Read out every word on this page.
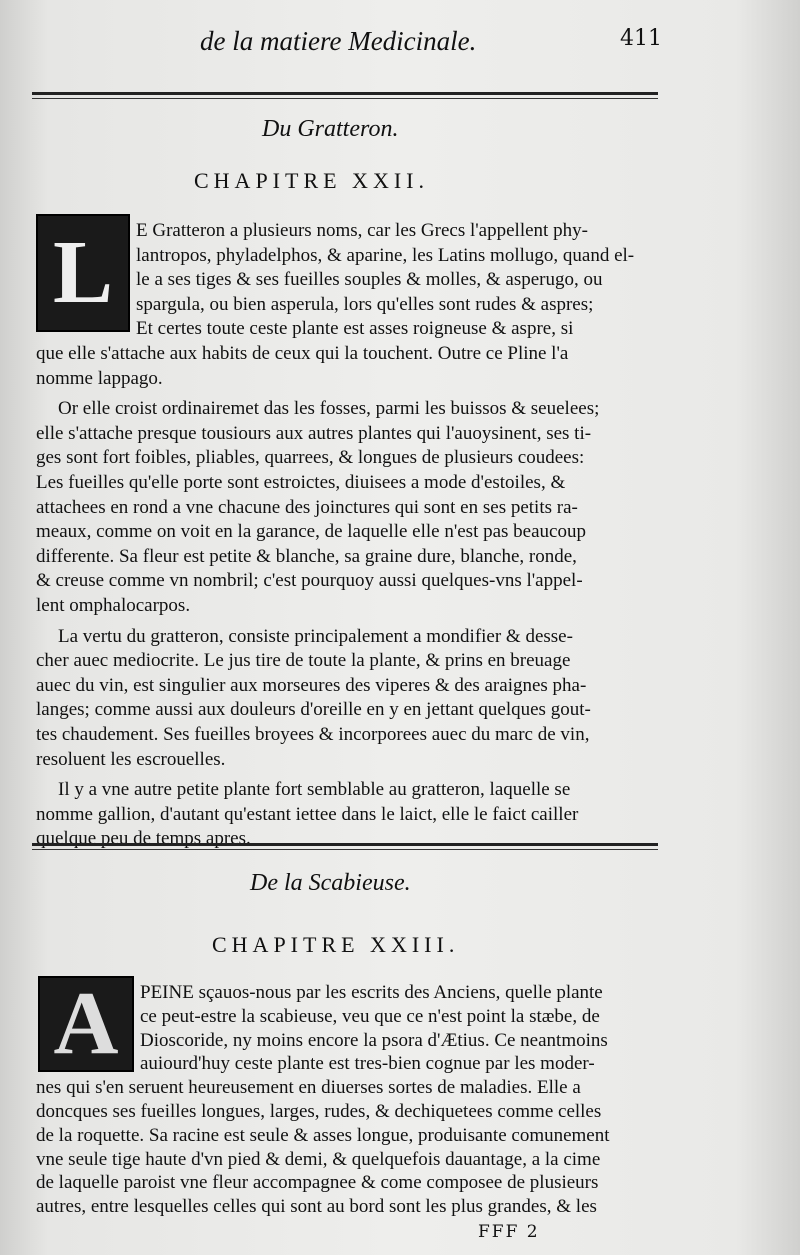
de la matiere Medicinale.	411
Du Gratteron.
CHAPITRE XXII.
L E Gratteron a plusieurs noms, car les Grecs l'appellent phy-
lantropos, phyladelphos, & aparine, les Latins mollugo, quand el-
le a ses tiges & ses fueilles souples & molles, & asperugo, ou
spargula, ou bien asperula, lors qu'elles sont rudes & aspres;
Et certes toute ceste plante est asses roigneuse & aspre, si
que elle s'attache aux habits de ceux qui la touchent. Outre ce Pline l'a
nomme lappago.
Or elle croist ordinairemet das les fosses, parmi les buissos & seuelees;
elle s'attache presque tousiours aux autres plantes qui l'auoysinent, ses ti-
ges sont fort foibles, pliables, quarrees, & longues de plusieurs coudees:
Les fueilles qu'elle porte sont estroictes, diuisees a mode d'estoiles, &
attachees en rond a vne chacune des joinctures qui sont en ses petits ra-
meaux, comme on voit en la garance, de laquelle elle n'est pas beaucoup
differente. Sa fleur est petite & blanche, sa graine dure, blanche, ronde,
& creuse comme vn nombril; c'est pourquoy aussi quelques-vns l'appel-
lent omphalocarpos.
La vertu du gratteron, consiste principalement a mondifier & desse-
cher auec mediocrite. Le jus tire de toute la plante, & prins en breuage
auec du vin, est singulier aux morseures des viperes & des araignes pha-
langes; comme aussi aux douleurs d'oreille en y en jettant quelques gout-
tes chaudement. Ses fueilles broyees & incorporees auec du marc de vin,
resoluent les escrouelles.
Il y a vne autre petite plante fort semblable au gratteron, laquelle se
nomme gallion, d'autant qu'estant iettee dans le laict, elle le faict cailler
quelque peu de temps apres.
De la Scabieuse.
CHAPITRE XXIII.
A PEINE sçauos-nous par les escrits des Anciens, quelle plante
ce peut-estre la scabieuse, veu que ce n'est point la stæbe, de
Dioscoride, ny moins encore la psora d'Ætius. Ce neantmoins
auiourd'huy ceste plante est tres-bien cognue par les moder-
nes qui s'en seruent heureusement en diuerses sortes de maladies. Elle a
doncques ses fueilles longues, larges, rudes, & dechiquetees comme celles
de la roquette. Sa racine est seule & asses longue, produisante comunement
vne seule tige haute d'vn pied & demi, & quelquefois dauantage, a la cime
de laquelle paroist vne fleur accompagnee & come composee de plusieurs
autres, entre lesquelles celles qui sont au bord sont les plus grandes, & les
FFF 2
